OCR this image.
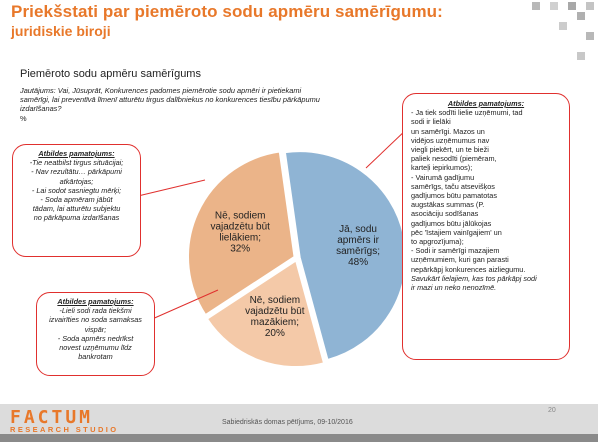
Priekšstati par piemēroto sodu apmēru samērīgumu:
juridiskie biroji
Piemēroto sodu apmēru samērīgums
Jautājums: Vai, Jūsuprāt, Konkurences padomes piemērotie sodu apmēri ir pietiekami samērīgi, lai preventīvā līmenī atturētu tirgus dalībniekus no konkurences tiesību pārkāpumu izdarīšanas?
%
Jā, sodu apmērs ir samērīgs; 48%
Nē, sodiem vajadzētu būt mazākiem; 20%
Nē, sodiem vajadzētu būt lielākiem; 32%
Atbildes pamatojums:
-Tie neatbilst tirgus situācijai;
- Nav rezultātu… pārkāpumi
atkārtojas;
- Lai sodot sasniegtu mērķi;
- Soda apmēram jābūt
tādam, lai atturētu subjektu
no pārkāpuma izdarīšanas
Atbildes pamatojums:
-Lieli sodi rada tiekšmi
izvairīties no soda samaksas
vispār;
- Soda apmērs nedrīkst
novest uzņēmumu līdz
bankrotam
Atbildes pamatojums:
- Ja tiek sodīti lielie uzņēmumi, tad
sodi ir lielāki
un samērīgi. Mazos un
vidējos uzņēmumus nav
viegli piekērt, un te bieži
paliek nesodīti (piemēram,
karteļi iepirkumos);
- Vairumā gadījumu
samērīgs, taču atsevišķos
gadījumos būtu pamatotas
augstākas summas (P.
asociāciju sodīšanas
gadījumos būtu jālūkojas
pēc 'īstajiem vainīgajiem' un
to apgrozījuma);
- Sodi ir samērīgi mazajiem
uzņēmumiem, kuri gan parasti
nepārkāpj konkurences aizliegumu.
Savukārt lielajiem, kas tos pārkāpj sodi
ir mazi un neko nenozīmē.
FACTUM
RESEARCH STUDIO
Sabiedriskās domas pētījums, 09-10/2016
20
